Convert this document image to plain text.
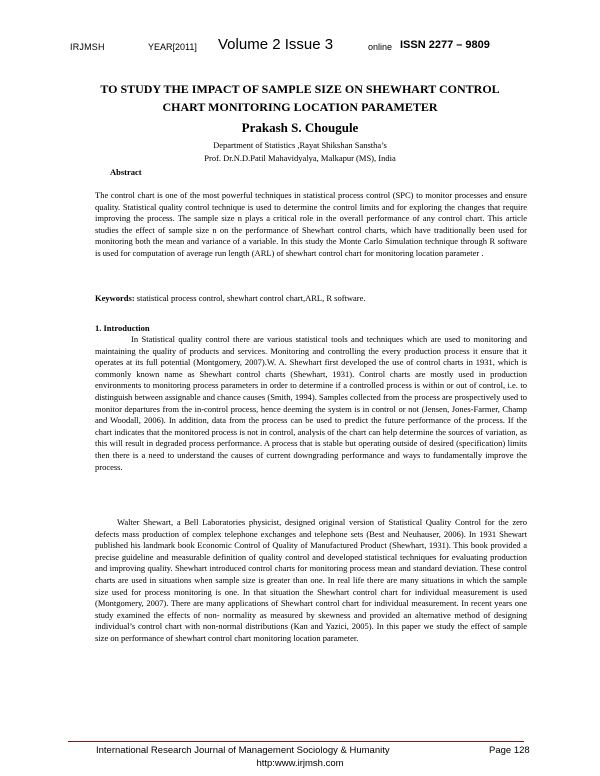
IRJMSH	YEAR[2011] Volume 2 Issue 3	online ISSN 2277 – 9809
TO STUDY THE IMPACT OF SAMPLE SIZE ON SHEWHART CONTROL CHART MONITORING LOCATION PARAMETER
Prakash S. Chougule
Department of Statistics ,Rayat Shikshan Sanstha’s
Prof. Dr.N.D.Patil Mahavidyalya, Malkapur (MS), India
Abstract

The control chart is one of the most powerful techniques in statistical process control (SPC) to monitor processes and ensure quality. Statistical quality control technique is used to determine the control limits and for exploring the changes that require improving the process. The sample size n plays a critical role in the overall performance of any control chart. This article studies the effect of sample size n on the performance of Shewhart control charts, which have traditionally been used for monitoring both the mean and variance of a variable. In this study the Monte Carlo Simulation technique through R software is used for computation of average run length (ARL) of shewhart control chart for monitoring location parameter .

Keywords: statistical process control, shewhart control chart,ARL, R software.

1. Introduction

In Statistical quality control there are various statistical tools and techniques which are used to monitoring and maintaining the quality of products and services. Monitoring and controlling the every production process it ensure that it operates at its full potential (Montgomery, 2007).W. A. Shewhart first developed the use of control charts in 1931, which is commonly known name as Shewhart control charts (Shewhart, 1931). Control charts are mostly used in production environments to monitoring process parameters in order to determine if a controlled process is within or out of control, i.e. to distinguish between assignable and chance causes (Smith, 1994). Samples collected from the process are prospectively used to monitor departures from the in-control process, hence deeming the system is in control or not (Jensen, Jones-Farmer, Champ and Woodall, 2006). In addition, data from the process can be used to predict the future performance of the process. If the chart indicates that the monitored process is not in control, analysis of the chart can help determine the sources of variation, as this will result in degraded process performance. A process that is stable but operating outside of desired (specification) limits then there is a need to understand the causes of current downgrading performance and ways to fundamentally improve the process.

Walter Shewart, a Bell Laboratories physicist, designed original version of Statistical Quality Control for the zero defects mass production of complex telephone exchanges and telephone sets (Best and Neuhauser, 2006). In 1931 Shewart published his landmark book Economic Control of Quality of Manufactured Product (Shewhart, 1931). This book provided a precise guideline and measurable definition of quality control and developed statistical techniques for evaluating production and improving quality. Shewhart introduced control charts for monitoring process mean and standard deviation. These control charts are used in situations when sample size is greater than one. In real life there are many situations in which the sample size used for process monitoring is one. In that situation the Shewhart control chart for individual measurement is used (Montgomery, 2007). There are many applications of Shewhart control chart for individual measurement. In recent years one study examined the effects of non- normality as measured by skewness and provided an alternative method of designing individual’s control chart with non-normal distributions (Kan and Yazici, 2005). In this paper we study the effect of sample size on performance of shewhart control chart monitoring location parameter.

International Research Journal of Management Sociology & Humanity	Page 128
http:www.irjmsh.com
